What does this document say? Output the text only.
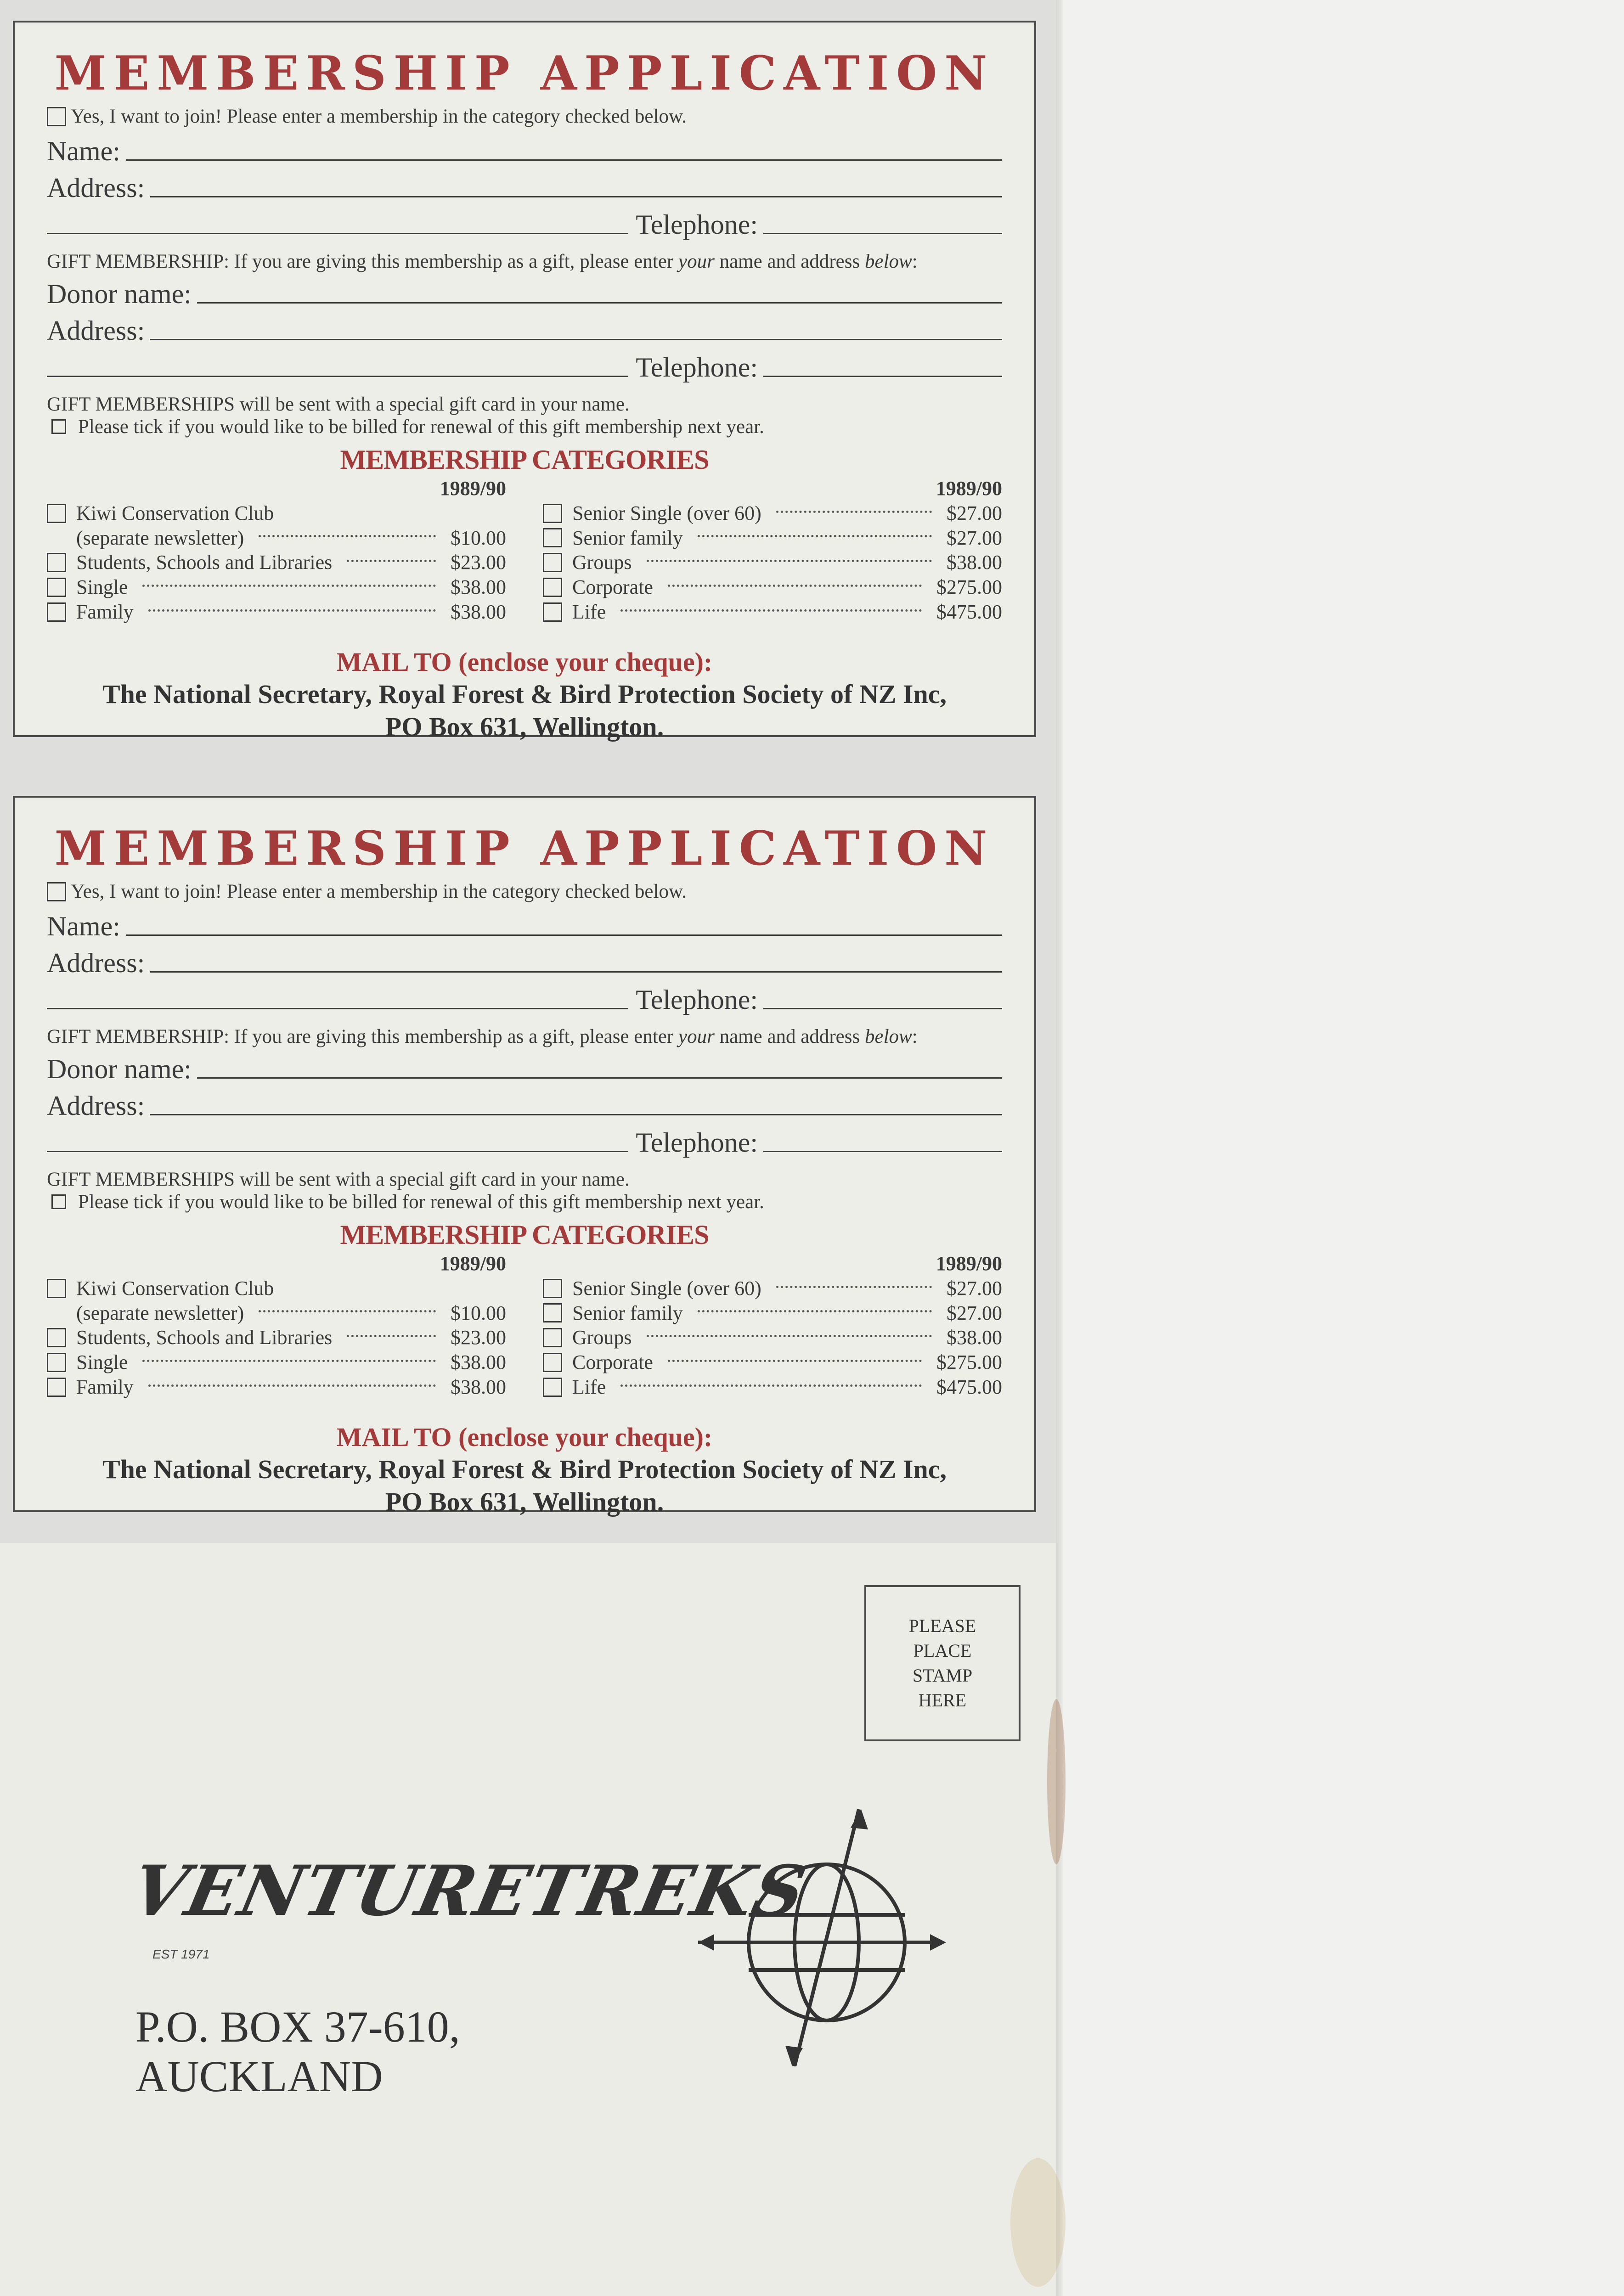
MEMBERSHIP APPLICATION
Yes, I want to join! Please enter a membership in the category checked below.
Name:
Address:
Telephone:

GIFT MEMBERSHIP: If you are giving this membership as a gift, please enter your name and address below:

Donor name:
Address:
Telephone:

GIFT MEMBERSHIPS will be sent with a special gift card in your name.

Please tick if you would like to be billed for renewal of this gift membership next year.
MEMBERSHIP CATEGORIES
1989/90
Kiwi Conservation Club
(separate newsletter)	$10.00
Students, Schools and Libraries	$23.00
Single	$38.00
Family	$38.00
1989/90
Senior Single (over 60)	$27.00
Senior family	$27.00
Groups	$38.00
Corporate	$275.00
Life	$475.00
MAIL TO (enclose your cheque):
The National Secretary, Royal Forest & Bird Protection Society of NZ Inc,
PO Box 631, Wellington.
MEMBERSHIP APPLICATION
Yes, I want to join! Please enter a membership in the category checked below.
Name:
Address:
Telephone:

GIFT MEMBERSHIP: If you are giving this membership as a gift, please enter your name and address below:

Donor name:
Address:
Telephone:

GIFT MEMBERSHIPS will be sent with a special gift card in your name.

Please tick if you would like to be billed for renewal of this gift membership next year.
MEMBERSHIP CATEGORIES
1989/90
Kiwi Conservation Club
(separate newsletter)	$10.00
Students, Schools and Libraries	$23.00
Single	$38.00
Family	$38.00
1989/90
Senior Single (over 60)	$27.00
Senior family	$27.00
Groups	$38.00
Corporate	$275.00
Life	$475.00
MAIL TO (enclose your cheque):
The National Secretary, Royal Forest & Bird Protection Society of NZ Inc,
PO Box 631, Wellington.
PLEASE
PLACE
STAMP
HERE
VENTURETREKS
EST 1971
P.O. BOX 37-610,
AUCKLAND
